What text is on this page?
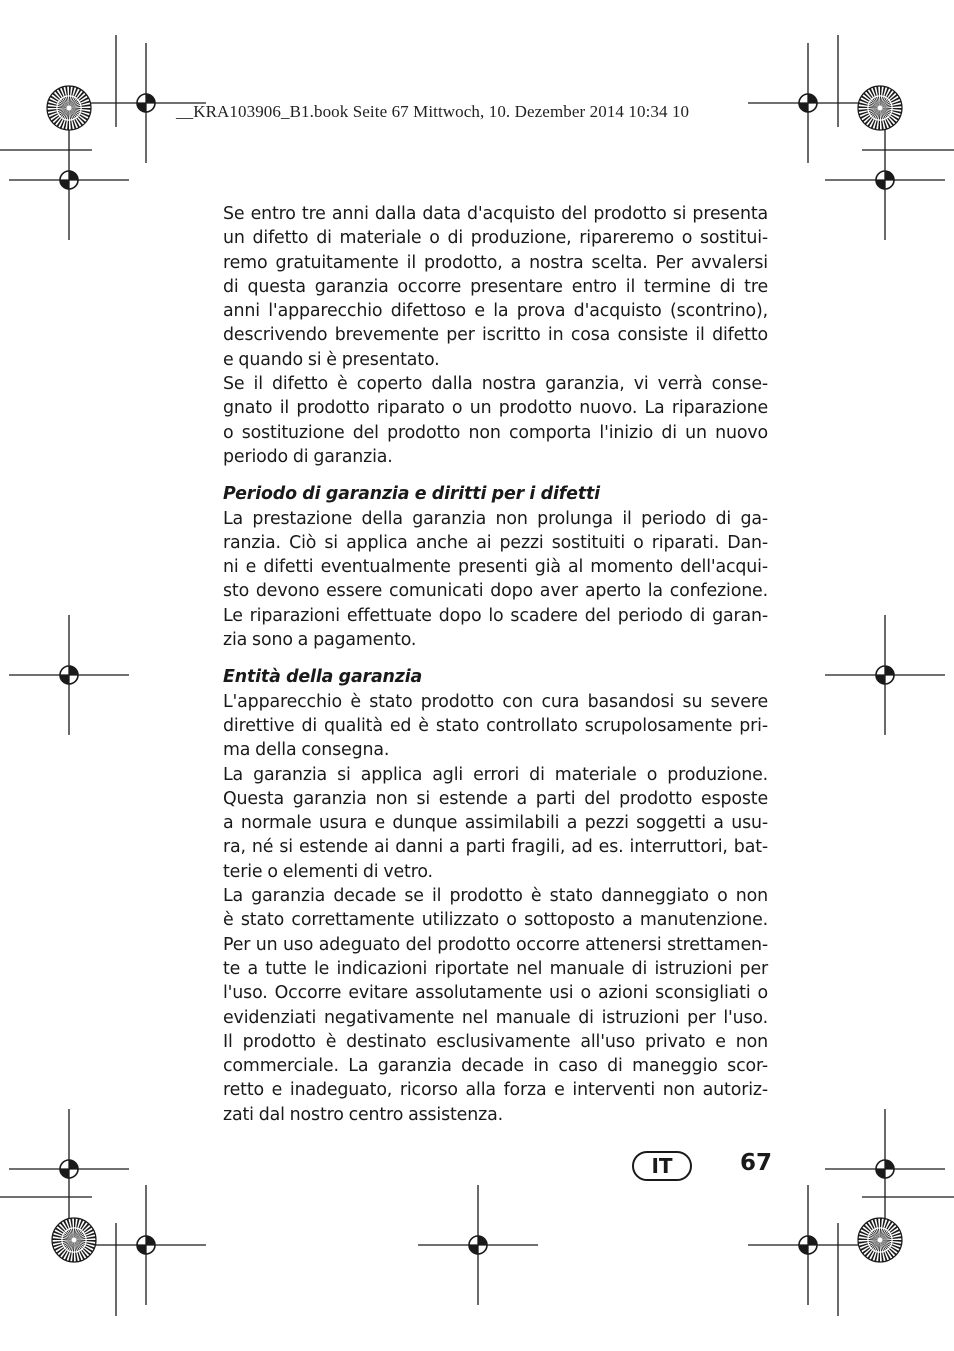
__KRA103906_B1.book Seite 67 Mittwoch, 10. Dezember 2014 10:34 10

Se entro tre anni dalla data d'acquisto del prodotto si presenta
un difetto di materiale o di produzione, ripareremo o sostitui-
remo gratuitamente il prodotto, a nostra scelta. Per avvalersi
di questa garanzia occorre presentare entro il termine di tre
anni l'apparecchio difettoso e la prova d'acquisto (scontrino),
descrivendo brevemente per iscritto in cosa consiste il difetto
e quando si è presentato.

Se il difetto è coperto dalla nostra garanzia, vi verrà conse-
gnato il prodotto riparato o un prodotto nuovo. La riparazione
o sostituzione del prodotto non comporta l'inizio di un nuovo
periodo di garanzia.

Periodo di garanzia e diritti per i difetti

La prestazione della garanzia non prolunga il periodo di ga-
ranzia. Ciò si applica anche ai pezzi sostituiti o riparati. Dan-
ni e difetti eventualmente presenti già al momento dell'acqui-
sto devono essere comunicati dopo aver aperto la confezione.
Le riparazioni effettuate dopo lo scadere del periodo di garan-
zia sono a pagamento.

Entità della garanzia

L'apparecchio è stato prodotto con cura basandosi su severe
direttive di qualità ed è stato controllato scrupolosamente pri-
ma della consegna.

La garanzia si applica agli errori di materiale o produzione.
Questa garanzia non si estende a parti del prodotto esposte
a normale usura e dunque assimilabili a pezzi soggetti a usu-
ra, né si estende ai danni a parti fragili, ad es. interruttori, bat-
terie o elementi di vetro.

La garanzia decade se il prodotto è stato danneggiato o non
è stato correttamente utilizzato o sottoposto a manutenzione.
Per un uso adeguato del prodotto occorre attenersi strettamen-
te a tutte le indicazioni riportate nel manuale di istruzioni per
l'uso. Occorre evitare assolutamente usi o azioni sconsigliati o
evidenziati negativamente nel manuale di istruzioni per l'uso.
Il prodotto è destinato esclusivamente all'uso privato e non
commerciale. La garanzia decade in caso di maneggio scor-
retto e inadeguato, ricorso alla forza e interventi non autoriz-
zati dal nostro centro assistenza.

IT	67
